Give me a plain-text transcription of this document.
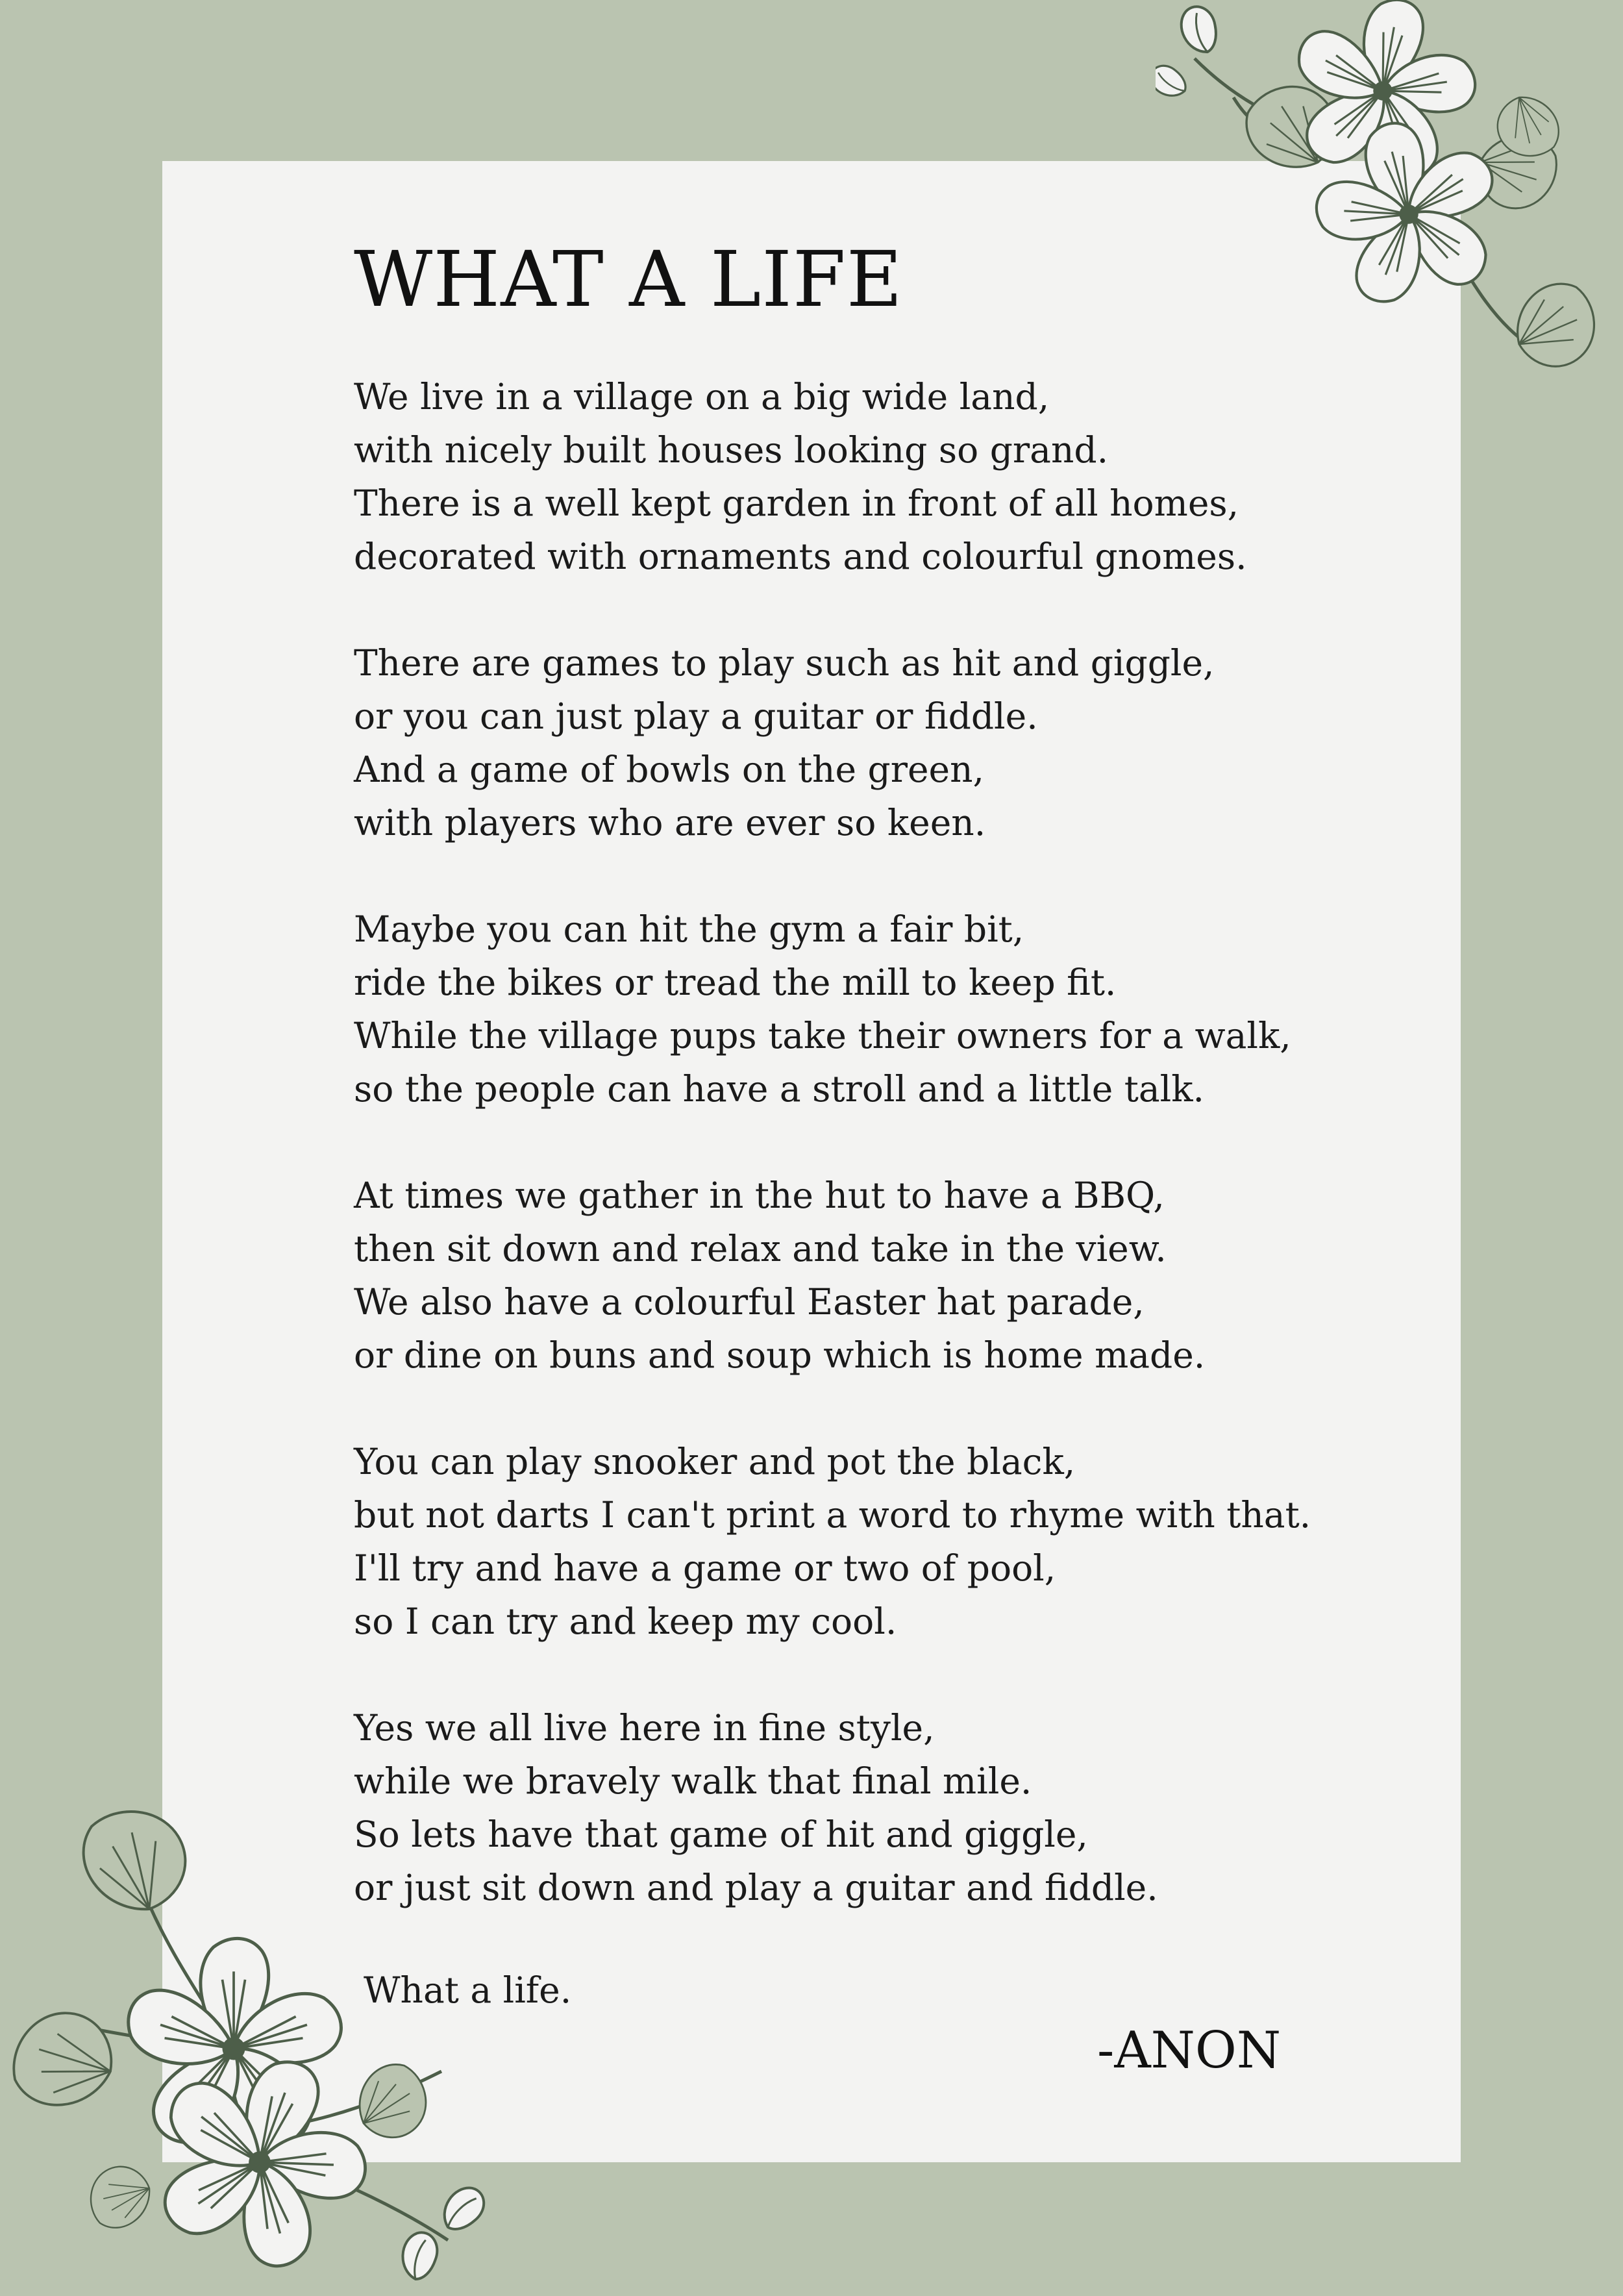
WHAT A LIFE

We live in a village on a big wide land,
with nicely built houses looking so grand.
There is a well kept garden in front of all homes,
decorated with ornaments and colourful gnomes.

There are games to play such as hit and giggle,
or you can just play a guitar or fiddle.
And a game of bowls on the green,
with players who are ever so keen.

Maybe you can hit the gym a fair bit,
ride the bikes or tread the mill to keep fit.
While the village pups take their owners for a walk,
so the people can have a stroll and a little talk.

At times we gather in the hut to have a BBQ,
then sit down and relax and take in the view.
We also have a colourful Easter hat parade,
or dine on buns and soup which is home made.

You can play snooker and pot the black,
but not darts I can't print a word to rhyme with that.
I'll try and have a game or two of pool,
so I can try and keep my cool.

Yes we all live here in fine style,
while we bravely walk that final mile.
So lets have that game of hit and giggle,
or just sit down and play a guitar and fiddle.

What a life.

-ANON
